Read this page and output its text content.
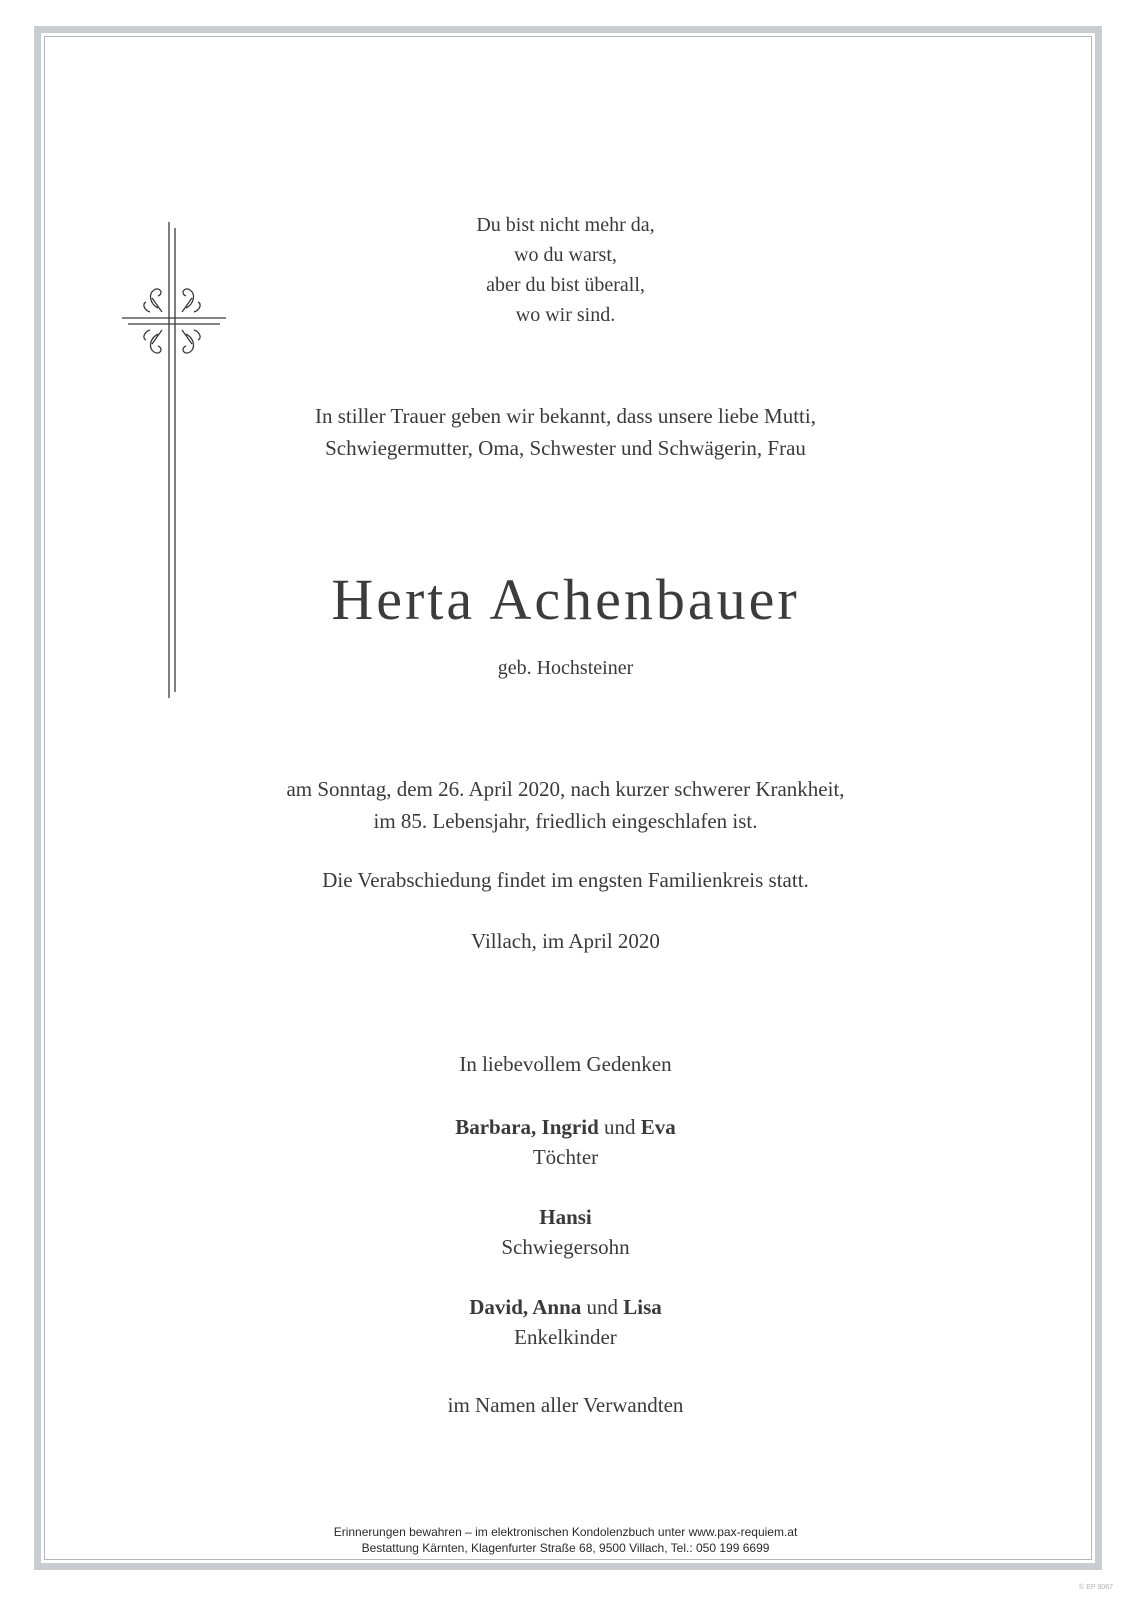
Du bist nicht mehr da,
wo du warst,
aber du bist überall,
wo wir sind.
In stiller Trauer geben wir bekannt, dass unsere liebe Mutti,
Schwiegermutter, Oma, Schwester und Schwägerin, Frau
Herta Achenbauer
geb. Hochsteiner
am Sonntag, dem 26. April 2020, nach kurzer schwerer Krankheit,
im 85. Lebensjahr, friedlich eingeschlafen ist.
Die Verabschiedung findet im engsten Familienkreis statt.
Villach, im April 2020
In liebevollem Gedenken
Barbara, Ingrid und Eva
Töchter
Hansi
Schwiegersohn
David, Anna und Lisa
Enkelkinder
im Namen aller Verwandten
Erinnerungen bewahren – im elektronischen Kondolenzbuch unter www.pax-requiem.at
Bestattung Kärnten, Klagenfurter Straße 68, 9500 Villach, Tel.: 050 199 6699
© EP 9067
